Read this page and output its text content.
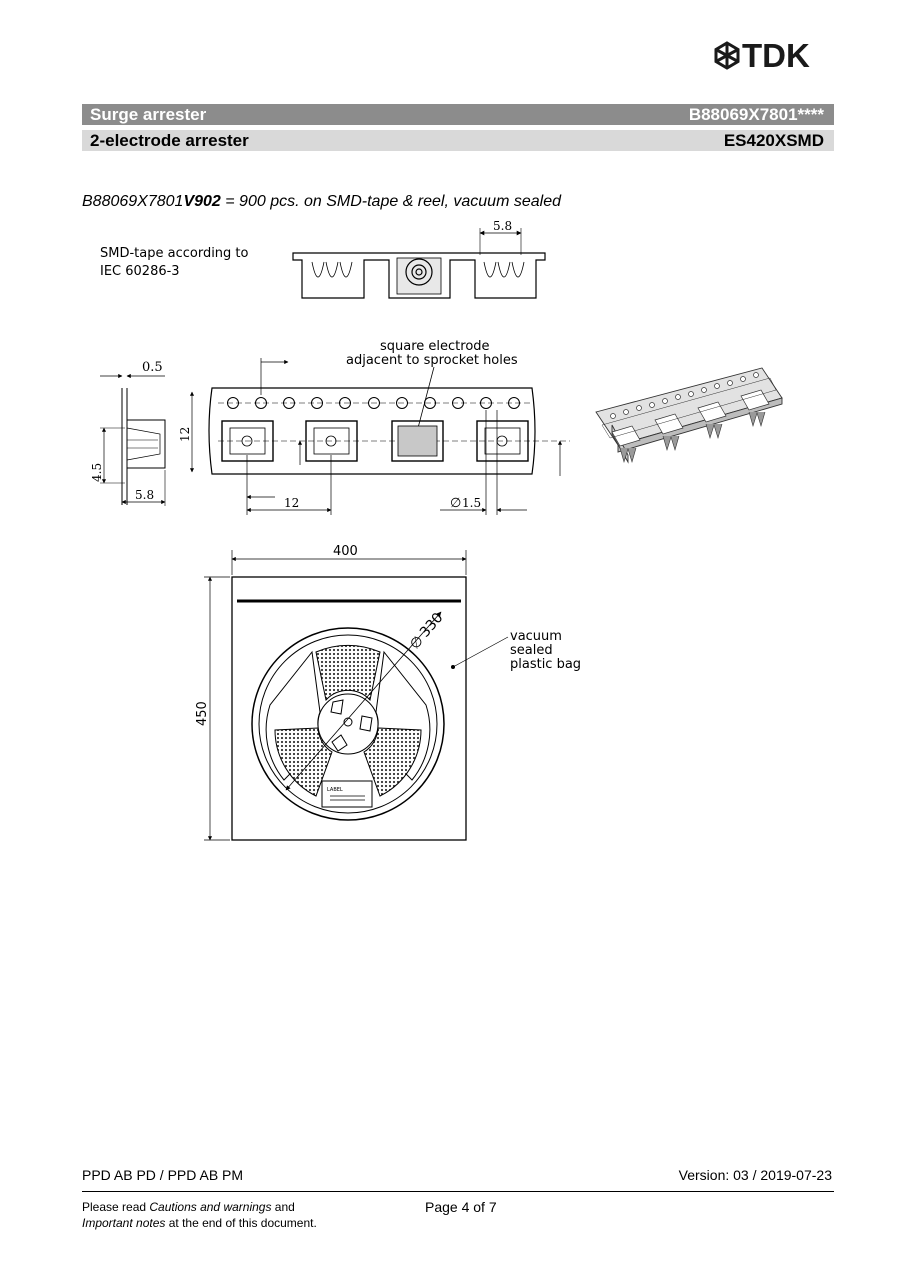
TDK
Surge arrester	B88069X7801****
2-electrode arrester	ES420XSMD
B88069X7801V902 = 900 pcs. on SMD-tape & reel, vacuum sealed
SMD-tape according to
IEC 60286-3
5.8
square electrode
adjacent to sprocket holes
0.5
4.5
5.8
12
12	∅ 1.5
400
450
LABEL
∅
330	vacuum
sealed
plastic bag
PPD AB PD / PPD AB PM	Version: 03 / 2019-07-23
Please read Cautions and warnings and
Important notes at the end of this document.
Page 4 of 7
